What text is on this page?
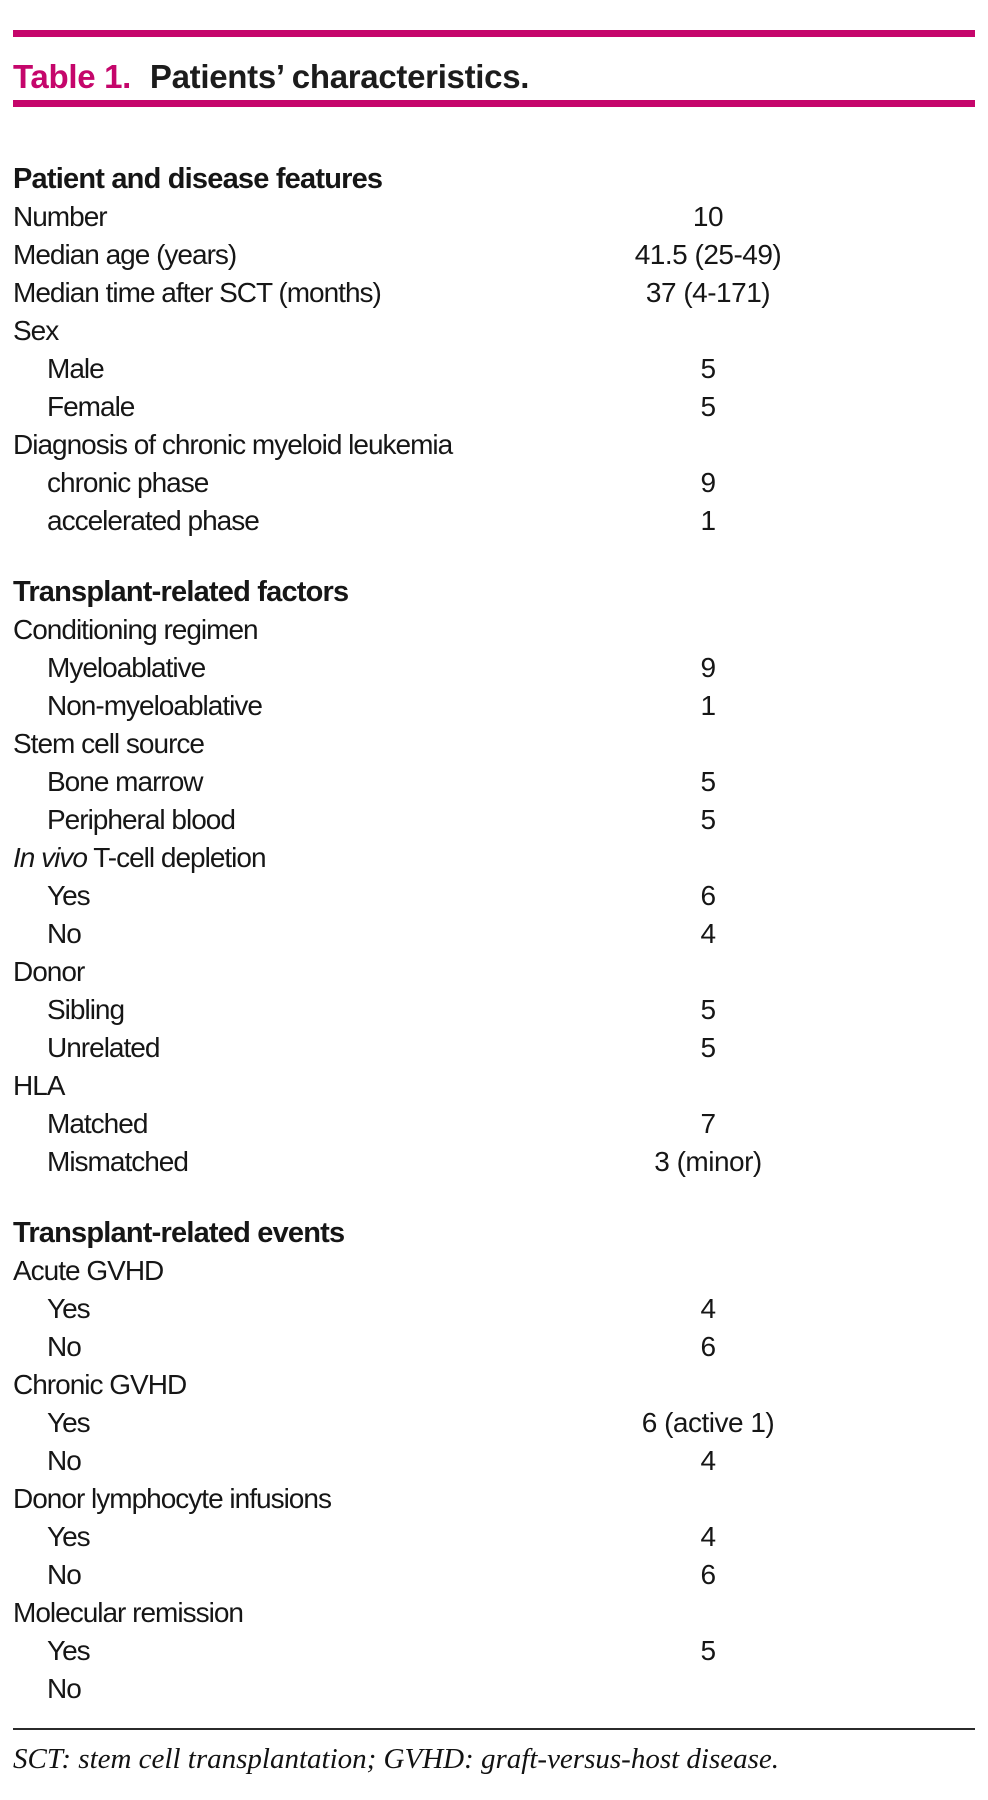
Table 1. Patients’ characteristics.
Patient and disease features
Number	10
Median age (years)	41.5 (25-49)
Median time after SCT (months)	37 (4-171)
Sex
Male	5
Female	5
Diagnosis of chronic myeloid leukemia
chronic phase	9
accelerated phase	1
Transplant-related factors
Conditioning regimen
Myeloablative	9
Non-myeloablative	1
Stem cell source
Bone marrow	5
Peripheral blood	5
In vivo T-cell depletion
Yes	6
No	4
Donor
Sibling	5
Unrelated	5
HLA
Matched	7
Mismatched	3 (minor)
Transplant-related events
Acute GVHD
Yes	4
No	6
Chronic GVHD
Yes	6 (active 1)
No	4
Donor lymphocyte infusions
Yes	4
No	6
Molecular remission
Yes	5
No
SCT: stem cell transplantation; GVHD: graft-versus-host disease.
